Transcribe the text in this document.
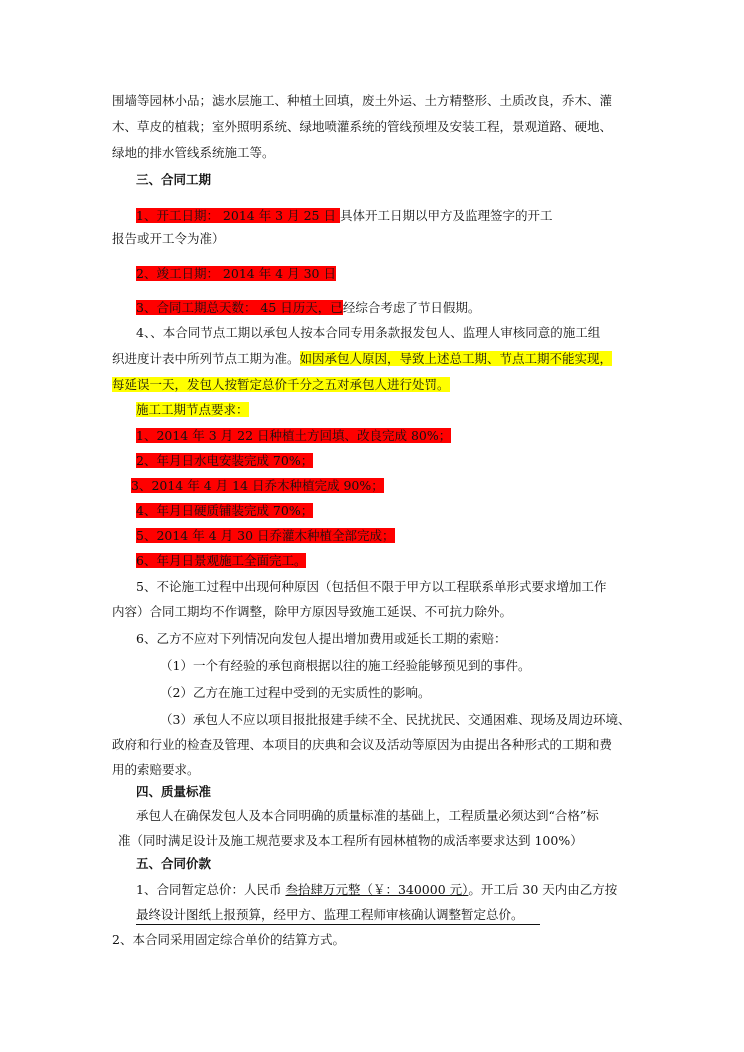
围墙等园林小品；滤水层施工、种植土回填，废土外运、土方精整形、土质改良，乔木、灌
木、草皮的植栽；室外照明系统、绿地喷灌系统的管线预埋及安装工程，景观道路、硬地、
绿地的排水管线系统施工等。
三、合同工期
1、开工日期： 2014 年 3 月 25 日 具体开工日期以甲方及监理签字的开工
报告或开工令为准）
2、竣工日期： 2014 年 4 月 30 日
3、合同工期总天数： 45 日历天，已经综合考虑了节日假期。
4、、本合同节点工期以承包人按本合同专用条款报发包人、监理人审核同意的施工组
织进度计表中所列节点工期为准。如因承包人原因，导致上述总工期、节点工期不能实现，
每延误一天，发包人按暂定总价千分之五对承包人进行处罚。
施工工期节点要求：
1、2014 年 3 月 22 日种植土方回填、改良完成 80%；
2、年月日水电安装完成 70%；
3、2014 年 4 月 14 日乔木种植完成 90%；
4、年月日硬质铺装完成 70%；
5、2014 年 4 月 30 日乔灌木种植全部完成；
6、年月日景观施工全面完工。
5、不论施工过程中出现何种原因（包括但不限于甲方以工程联系单形式要求增加工作
内容）合同工期均不作调整，除甲方原因导致施工延误、不可抗力除外。
6、乙方不应对下列情况向发包人提出增加费用或延长工期的索赔：
（1）一个有经验的承包商根据以往的施工经验能够预见到的事件。
（2）乙方在施工过程中受到的无实质性的影响。
（3）承包人不应以项目报批报建手续不全、民扰扰民、交通困难、现场及周边环境、
政府和行业的检查及管理、本项目的庆典和会议及活动等原因为由提出各种形式的工期和费
用的索赔要求。
四、质量标准
承包人在确保发包人及本合同明确的质量标准的基础上，工程质量必须达到“合格”标
准（同时满足设计及施工规范要求及本工程所有园林植物的成活率要求达到 100%）
五、合同价款
1、合同暂定总价：人民币 叁拾肆万元整（￥：340000 元）。开工后 30 天内由乙方按
最终设计图纸上报预算，经甲方、监理工程师审核确认调整暂定总价。
2、本合同采用固定综合单价的结算方式。
